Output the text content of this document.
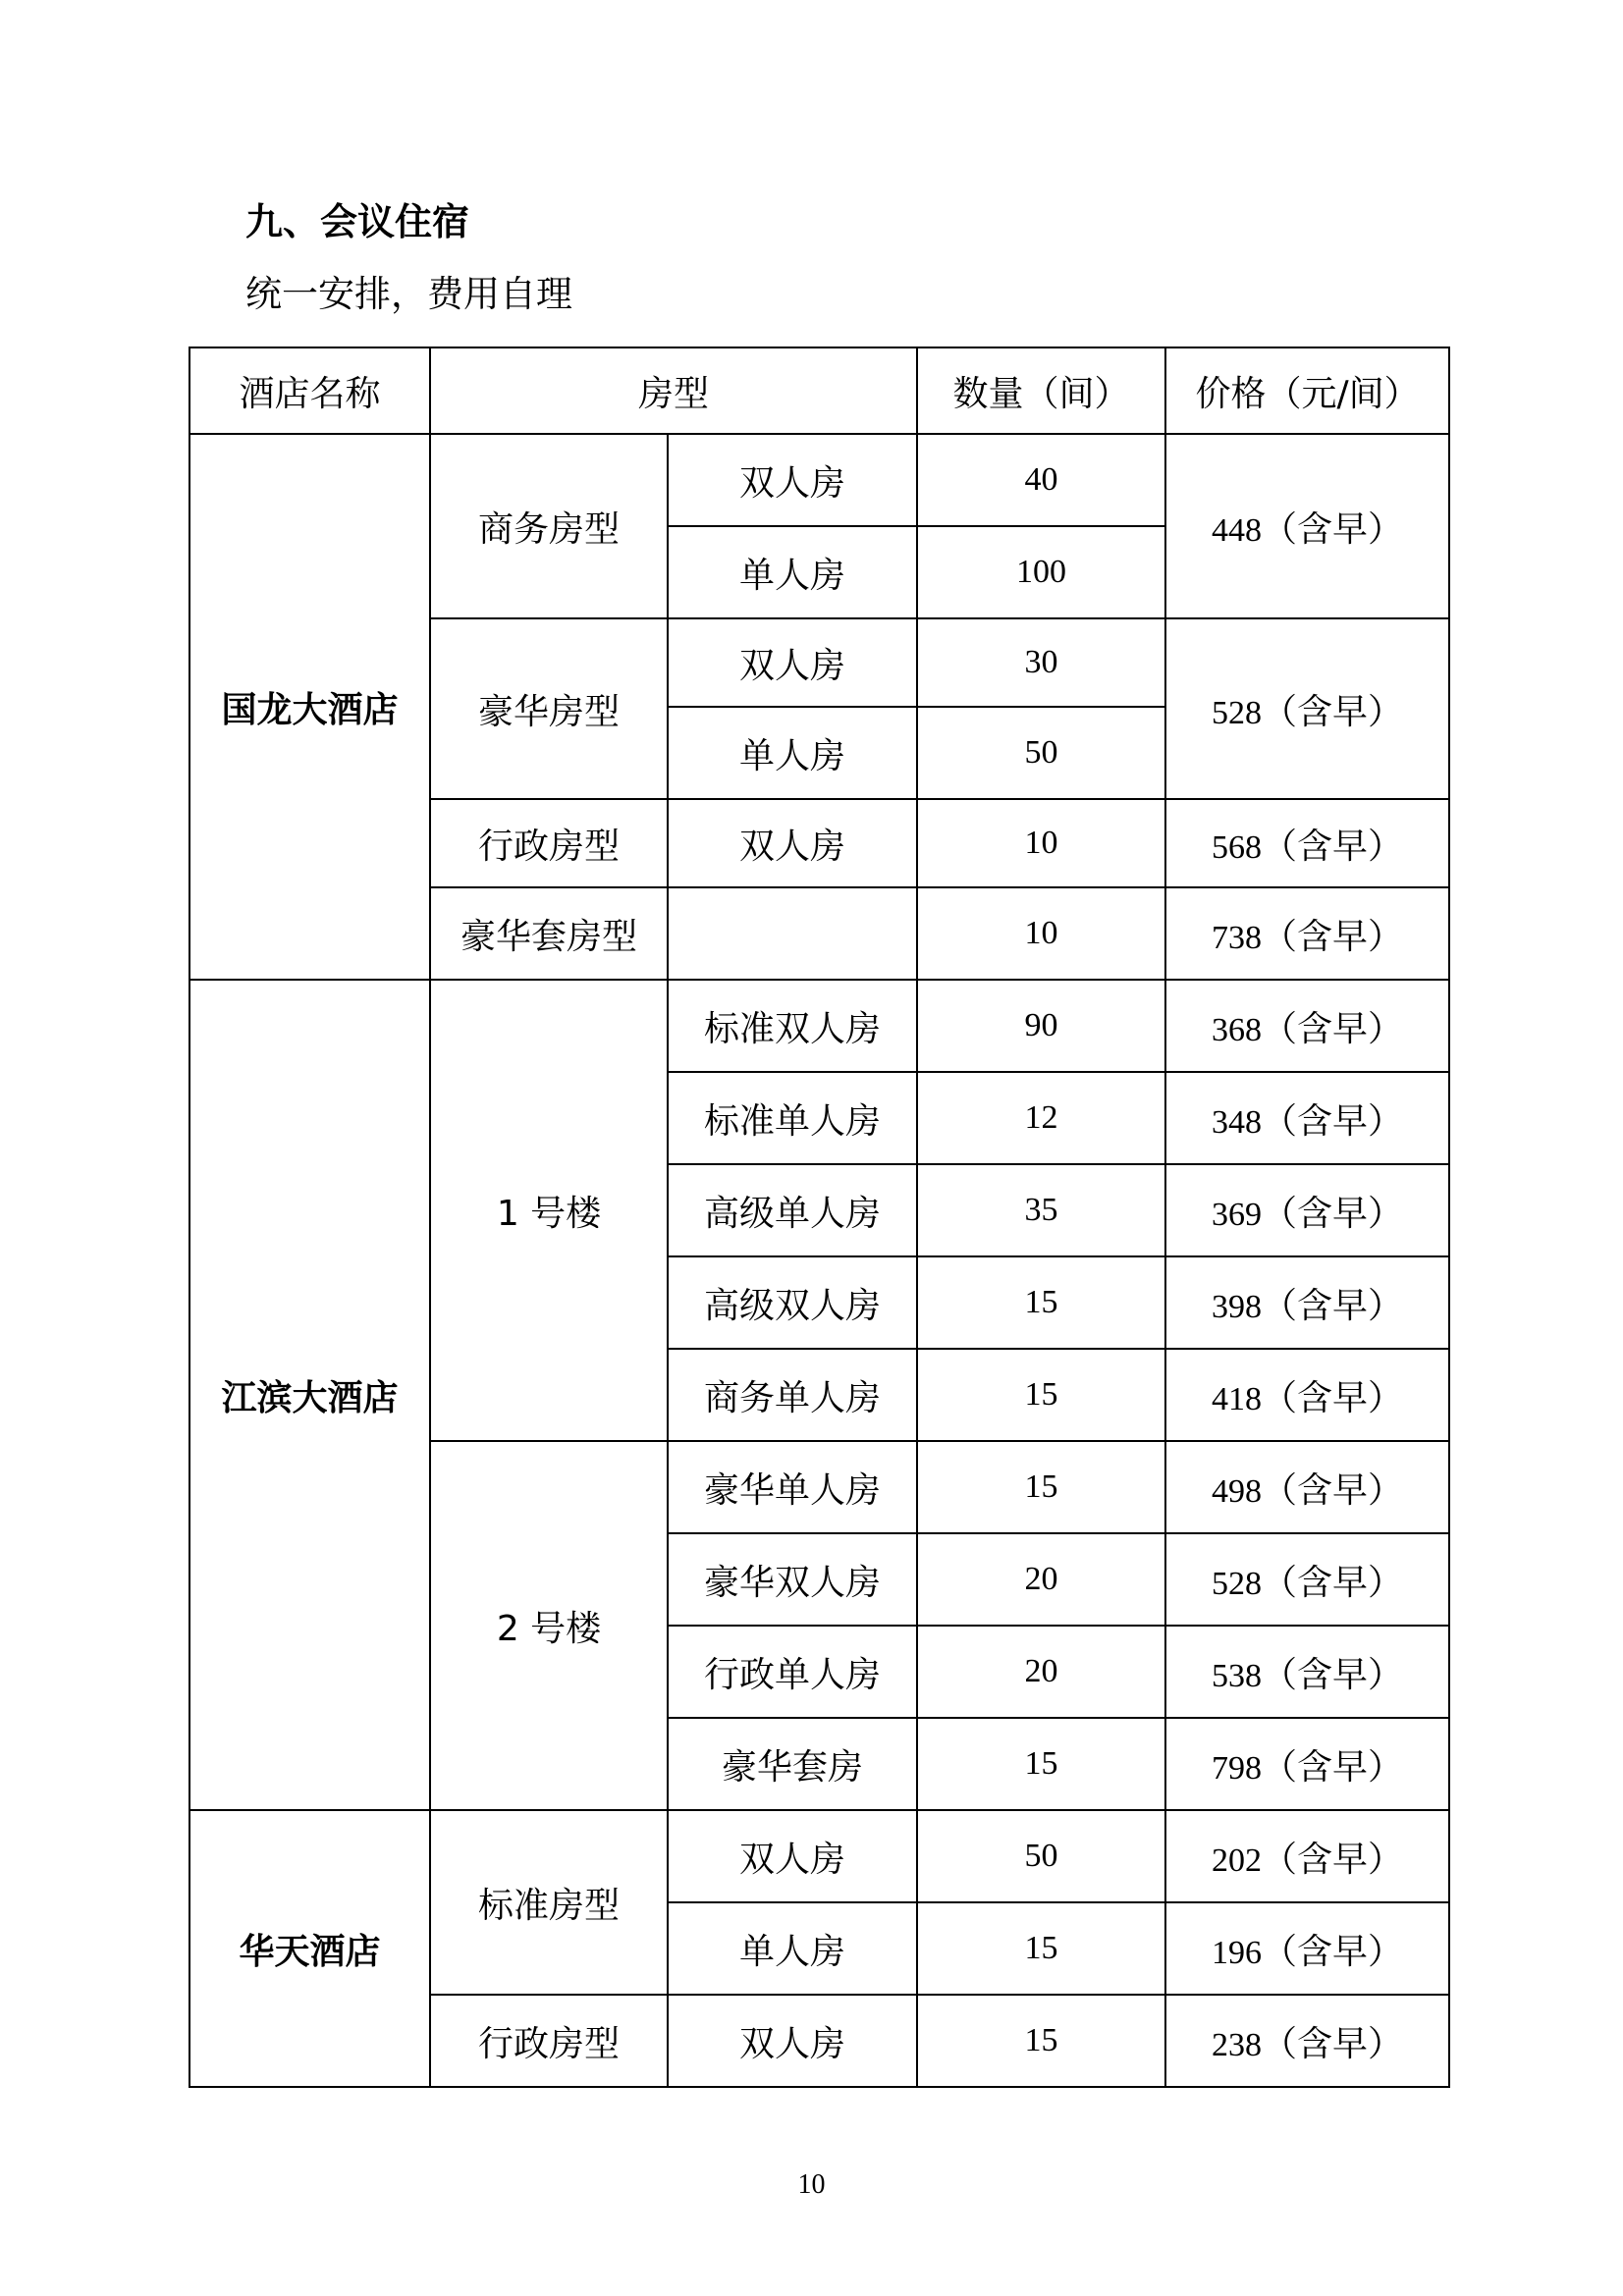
九、会议住宿
统一安排，费用自理
酒店名称	房型		数量（间）	价格（元/间）
国龙大酒店	商务房型	双人房	40	448（含早）
		单人房	100	
	豪华房型	双人房	30	528（含早）
		单人房	50	
	行政房型	双人房	10	568（含早）
	豪华套房型		10	738（含早）
江滨大酒店	1 号楼	标准双人房	90	368（含早）
		标准单人房	12	348（含早）
		高级单人房	35	369（含早）
		高级双人房	15	398（含早）
		商务单人房	15	418（含早）
	2 号楼	豪华单人房	15	498（含早）
		豪华双人房	20	528（含早）
		行政单人房	20	538（含早）
		豪华套房	15	798（含早）
华天酒店	标准房型	双人房	50	202（含早）
		单人房	15	196（含早）
	行政房型	双人房	15	238（含早）
10
